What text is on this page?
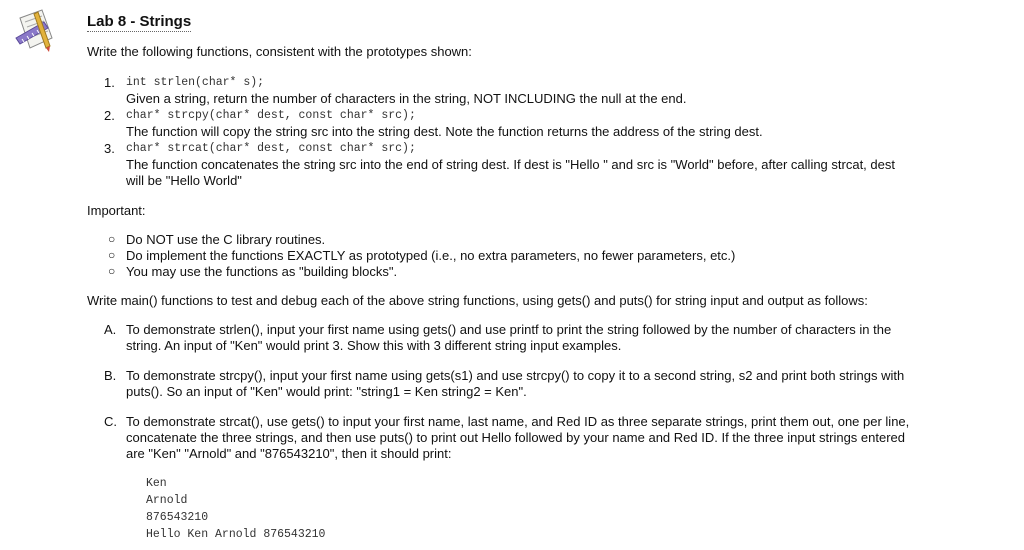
Lab 8 - Strings
Write the following functions, consistent with the prototypes shown:
1. int strlen(char* s);
Given a string, return the number of characters in the string, NOT INCLUDING the null at the end.
2. char* strcpy(char* dest, const char* src);
The function will copy the string src into the string dest. Note the function returns the address of the string dest.
3. char* strcat(char* dest, const char* src);
The function concatenates the string src into the end of string dest. If dest is "Hello " and src is "World" before, after calling strcat, dest
will be "Hello World"
Important:
○ Do NOT use the C library routines.
○ Do implement the functions EXACTLY as prototyped (i.e., no extra parameters, no fewer parameters, etc.)
○ You may use the functions as "building blocks".
Write main() functions to test and debug each of the above string functions, using gets() and puts() for string input and output as follows:
A. To demonstrate strlen(), input your first name using gets() and use printf to print the string followed by the number of characters in the
string. An input of "Ken" would print 3. Show this with 3 different string input examples.
B. To demonstrate strcpy(), input your first name using gets(s1) and use strcpy() to copy it to a second string, s2 and print both strings with
puts(). So an input of "Ken" would print: "string1 = Ken string2 = Ken".
C. To demonstrate strcat(), use gets() to input your first name, last name, and Red ID as three separate strings, print them out, one per line,
concatenate the three strings, and then use puts() to print out Hello followed by your name and Red ID. If the three input strings entered
are "Ken" "Arnold" and "876543210", then it should print:
Ken
Arnold
876543210
Hello Ken Arnold 876543210
